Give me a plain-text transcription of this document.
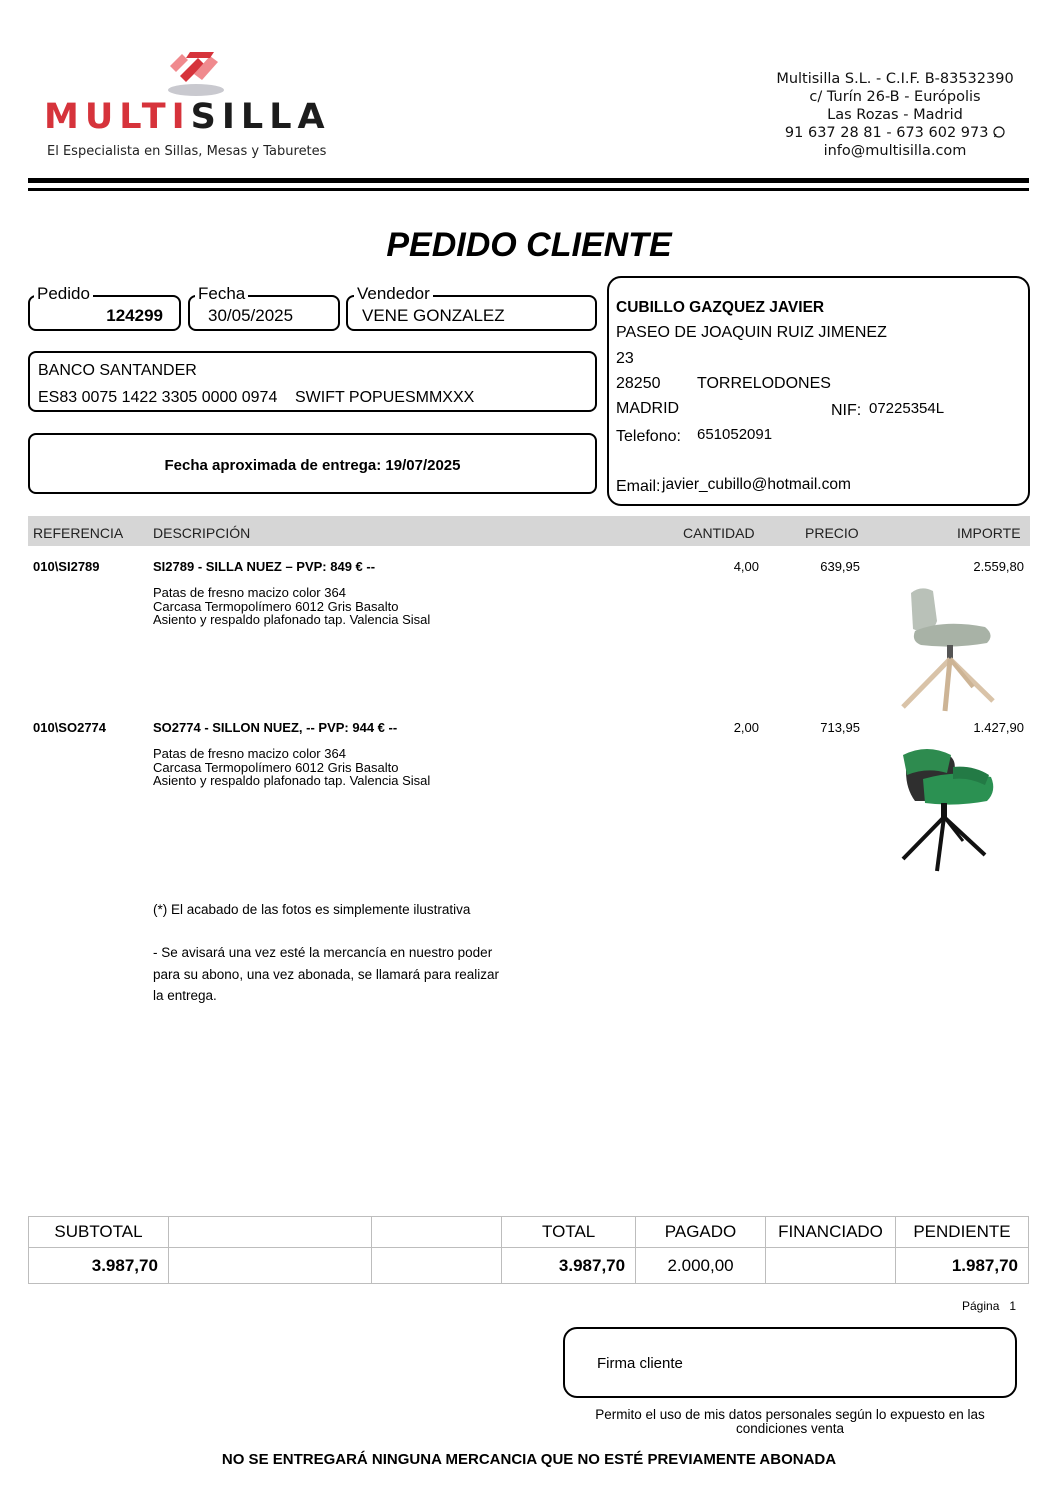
MULTISILLA
El Especialista en Sillas, Mesas y Taburetes
Multisilla S.L. - C.I.F. B-83532390
c/ Turín 26-B - Európolis
Las Rozas - Madrid
91 637 28 81 - 673 602 973
info@multisilla.com
PEDIDO CLIENTE
124299
Pedido
30/05/2025
Fecha
VENE GONZALEZ
Vendedor
BANCO SANTANDER
ES83 0075 1422 3305 0000 0974 SWIFT POPUESMMXXX
Fecha aproximada de entrega: 19/07/2025
CUBILLO GAZQUEZ JAVIER
PASEO DE JOAQUIN RUIZ JIMENEZ
23
28250 TORRELODONES
MADRID	NIF: 07225354L
Telefono: 651052091
Email: javier_cubillo@hotmail.com
REFERENCIA DESCRIPCIÓN	CANTIDAD	PRECIO	IMPORTE
010\SI2789	SI2789 - SILLA NUEZ – PVP: 849 € --	4,00	639,95	2.559,80
Patas de fresno macizo color 364
Carcasa Termopolímero 6012 Gris Basalto
Asiento y respaldo plafonado tap. Valencia Sisal
010\SO2774	SO2774 - SILLON NUEZ, -- PVP: 944 € --	2,00	713,95	1.427,90
Patas de fresno macizo color 364
Carcasa Termopolímero 6012 Gris Basalto
Asiento y respaldo plafonado tap. Valencia Sisal
(*) El acabado de las fotos es simplemente ilustrativa
- Se avisará una vez esté la mercancía en nuestro poder
para su abono, una vez abonada, se llamará para realizar
la entrega.
SUBTOTAL			TOTAL	PAGADO	FINANCIADO	PENDIENTE
3.987,70			3.987,70	2.000,00		1.987,70
Página 1
Firma cliente
Permito el uso de mis datos personales según lo expuesto en las
condiciones venta
NO SE ENTREGARÁ NINGUNA MERCANCIA QUE NO ESTÉ PREVIAMENTE ABONADA
